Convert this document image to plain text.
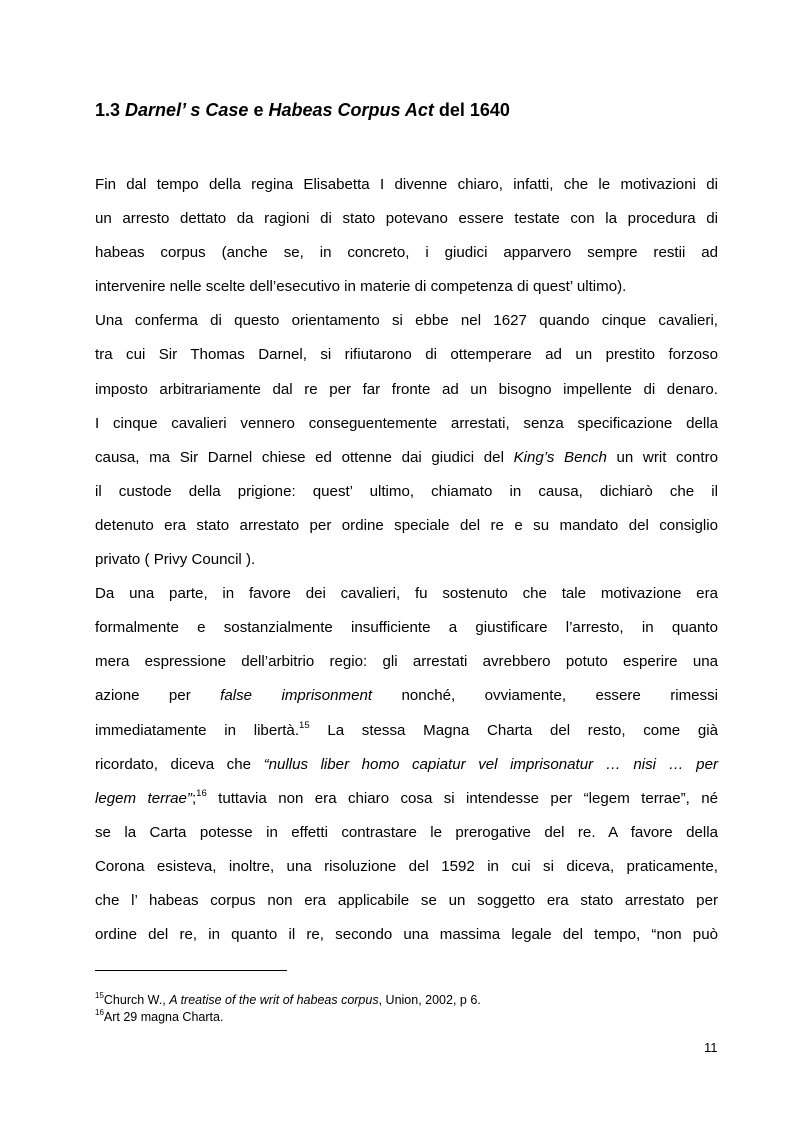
1.3 Darnel’ s Case e Habeas Corpus Act del 1640
Fin dal tempo della regina Elisabetta I divenne chiaro, infatti, che le motivazioni di
un arresto dettato da ragioni di stato potevano essere testate con la procedura di
habeas corpus (anche se, in concreto, i giudici apparvero sempre restii ad
intervenire nelle scelte dell’esecutivo in materie di competenza di quest’ ultimo).
Una conferma di questo orientamento si ebbe nel 1627 quando cinque cavalieri,
tra cui Sir Thomas Darnel, si rifiutarono di ottemperare ad un prestito forzoso
imposto arbitrariamente dal re per far fronte ad un bisogno impellente di denaro.
I cinque cavalieri vennero conseguentemente arrestati, senza specificazione della
causa, ma Sir Darnel chiese ed ottenne dai giudici del King’s Bench un writ contro
il custode della prigione: quest’ ultimo, chiamato in causa, dichiarò che il
detenuto era stato arrestato per ordine speciale del re e su mandato del consiglio
privato ( Privy Council ).
Da una parte, in favore dei cavalieri, fu sostenuto che tale motivazione era
formalmente e sostanzialmente insufficiente a giustificare l’arresto, in quanto
mera espressione dell’arbitrio regio: gli arrestati avrebbero potuto esperire una
azione per false imprisonment nonché, ovviamente, essere rimessi
immediatamente in libertà.$^{15}$ La stessa Magna Charta del resto, come già
ricordato, diceva che “nullus liber homo capiatur vel imprisonatur … nisi … per
legem terrae”;$^{16}$ tuttavia non era chiaro cosa si intendesse per “legem terrae”, né
se la Carta potesse in effetti contrastare le prerogative del re. A favore della
Corona esisteva, inoltre, una risoluzione del 1592 in cui si diceva, praticamente,
che l’ habeas corpus non era applicabile se un soggetto era stato arrestato per
ordine del re, in quanto il re, secondo una massima legale del tempo, “non può
$^{15}$Church W., A treatise of the writ of habeas corpus, Union, 2002, p 6.
$^{16}$Art 29 magna Charta.
11
